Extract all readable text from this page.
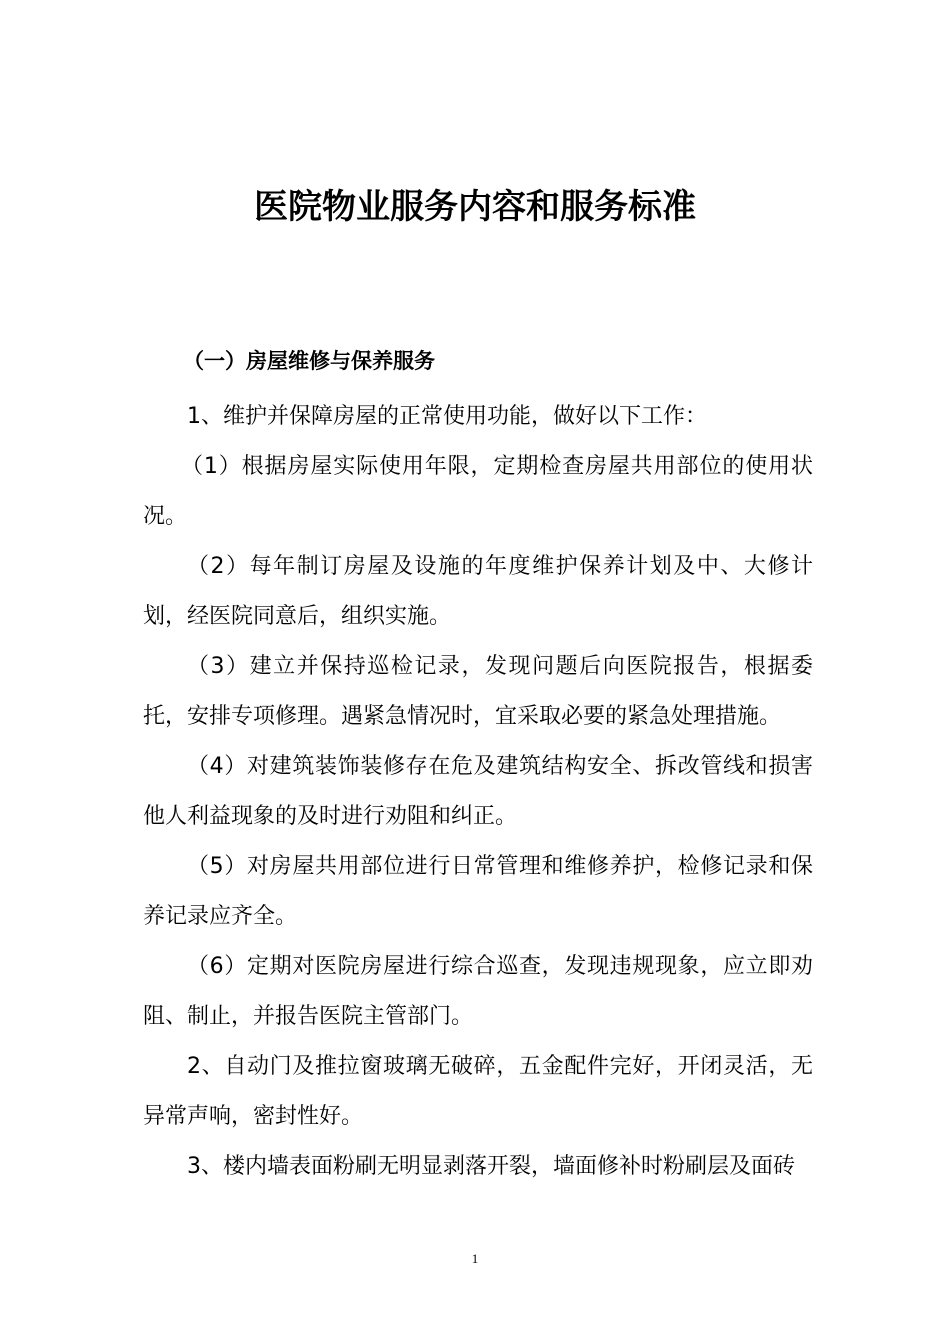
医院物业服务内容和服务标准
（一）房屋维修与保养服务

1、维护并保障房屋的正常使用功能，做好以下工作：

（1）根据房屋实际使用年限，定期检查房屋共用部位的使用状况。

（2）每年制订房屋及设施的年度维护保养计划及中、大修计划，经医院同意后，组织实施。

（3）建立并保持巡检记录，发现问题后向医院报告，根据委托，安排专项修理。遇紧急情况时，宜采取必要的紧急处理措施。

（4）对建筑装饰装修存在危及建筑结构安全、拆改管线和损害他人利益现象的及时进行劝阻和纠正。

（5）对房屋共用部位进行日常管理和维修养护，检修记录和保养记录应齐全。

（6）定期对医院房屋进行综合巡查，发现违规现象，应立即劝阻、制止，并报告医院主管部门。

2、自动门及推拉窗玻璃无破碎，五金配件完好，开闭灵活，无异常声响，密封性好。

3、楼内墙表面粉刷无明显剥落开裂，墙面修补时粉刷层及面砖

1
